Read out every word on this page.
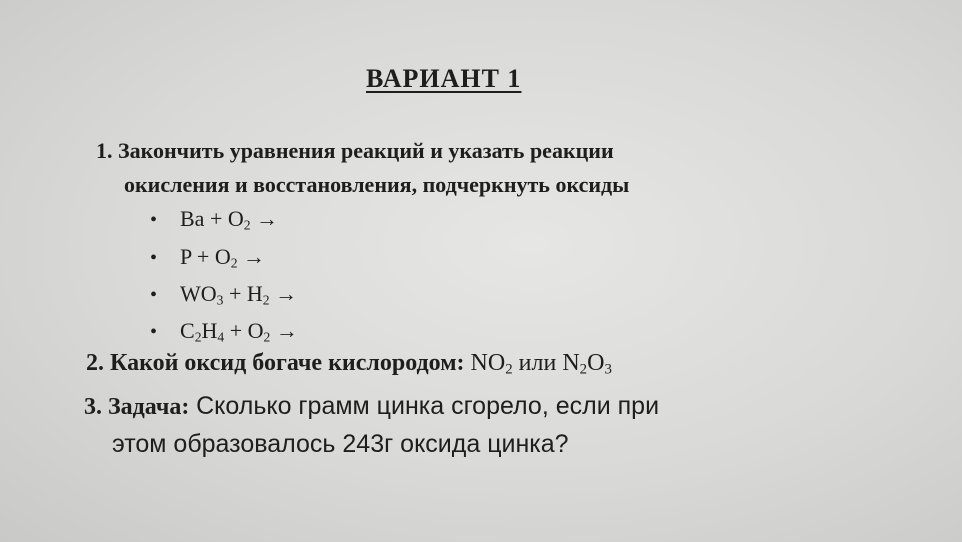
ВАРИАНТ 1
1. Закончить уравнения реакций и указать реакции
окисления и восстановления, подчеркнуть оксиды
• $Ba + O_2$ →
• $P + O_2$ →
• $WO_3 + H_2$ →
• $C_2H_4 + O_2$ →
2. Какой оксид богаче кислородом: $NO_2$ или $N_2O_3$
3. Задача: Сколько грамм цинка сгорело, если при
этом образовалось 243г оксида цинка?
